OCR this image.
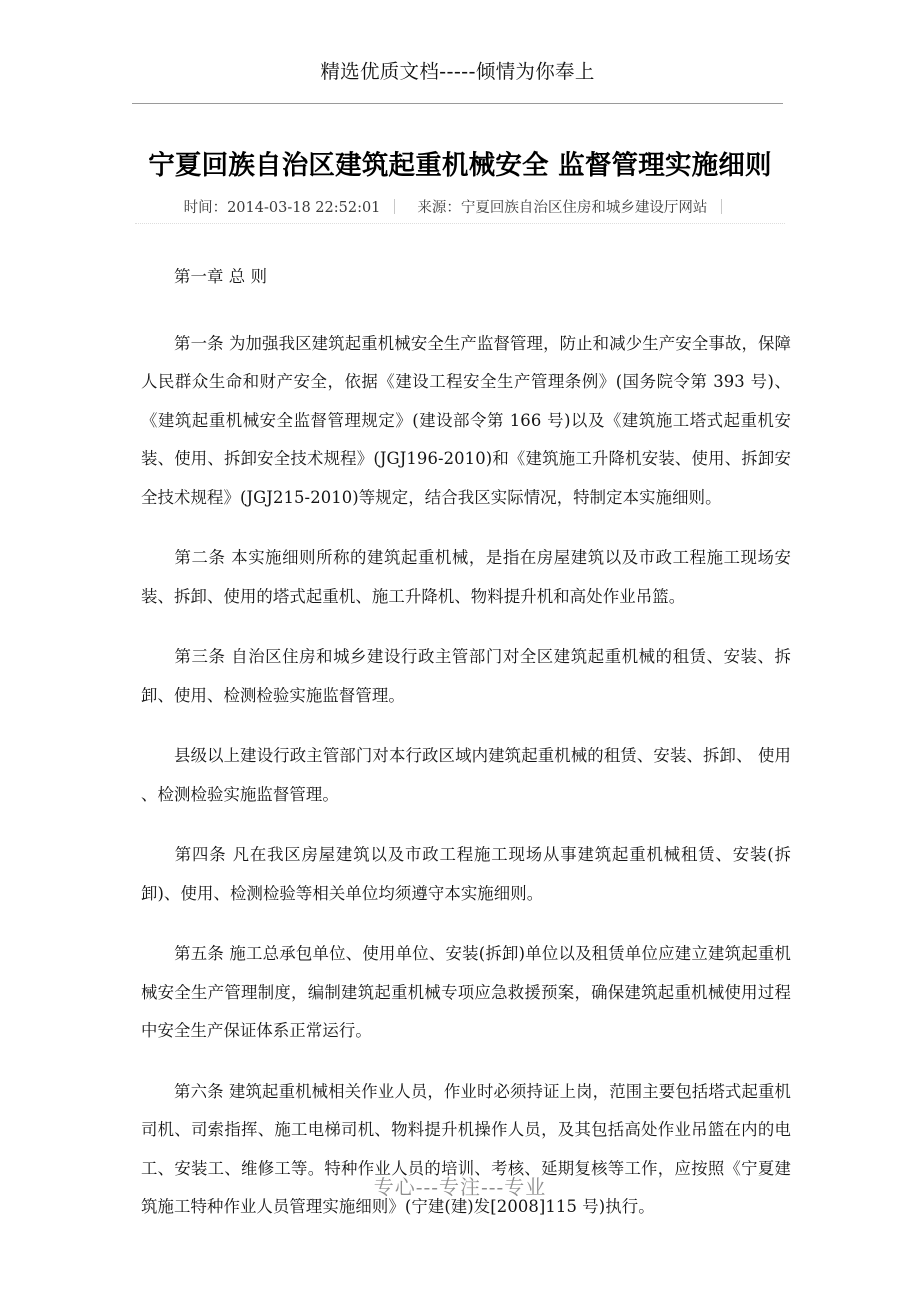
精选优质文档-----倾情为你奉上
宁夏回族自治区建筑起重机械安全 监督管理实施细则
时间：2014-03-18 22:52:01	来源：宁夏回族自治区住房和城乡建设厅网站

第一章 总 则

第一条 为加强我区建筑起重机械安全生产监督管理，防止和减少生产安全事故，保障人民群众生命和财产安全，依据《建设工程安全生产管理条例》(国务院令第 393 号)、《建筑起重机械安全监督管理规定》(建设部令第 166 号)以及《建筑施工塔式起重机安装、使用、拆卸安全技术规程》(JGJ196-2010)和《建筑施工升降机安装、使用、拆卸安全技术规程》(JGJ215-2010)等规定，结合我区实际情况，特制定本实施细则。

第二条 本实施细则所称的建筑起重机械，是指在房屋建筑以及市政工程施工现场安装、拆卸、使用的塔式起重机、施工升降机、物料提升机和高处作业吊篮。

第三条 自治区住房和城乡建设行政主管部门对全区建筑起重机械的租赁、安装、拆卸、使用、检测检验实施监督管理。

县级以上建设行政主管部门对本行政区域内建筑起重机械的租赁、安装、拆卸、 使用 、检测检验实施监督管理。

第四条 凡在我区房屋建筑以及市政工程施工现场从事建筑起重机械租赁、安装(拆卸)、使用、检测检验等相关单位均须遵守本实施细则。

第五条 施工总承包单位、使用单位、安装(拆卸)单位以及租赁单位应建立建筑起重机械安全生产管理制度，编制建筑起重机械专项应急救援预案，确保建筑起重机械使用过程中安全生产保证体系正常运行。

第六条 建筑起重机械相关作业人员，作业时必须持证上岗，范围主要包括塔式起重机司机、司索指挥、施工电梯司机、物料提升机操作人员，及其包括高处作业吊篮在内的电工、安装工、维修工等。特种作业人员的培训、考核、延期复核等工作，应按照《宁夏建筑施工特种作业人员管理实施细则》(宁建(建)发[2008]115 号)执行。

专心---专注---专业
